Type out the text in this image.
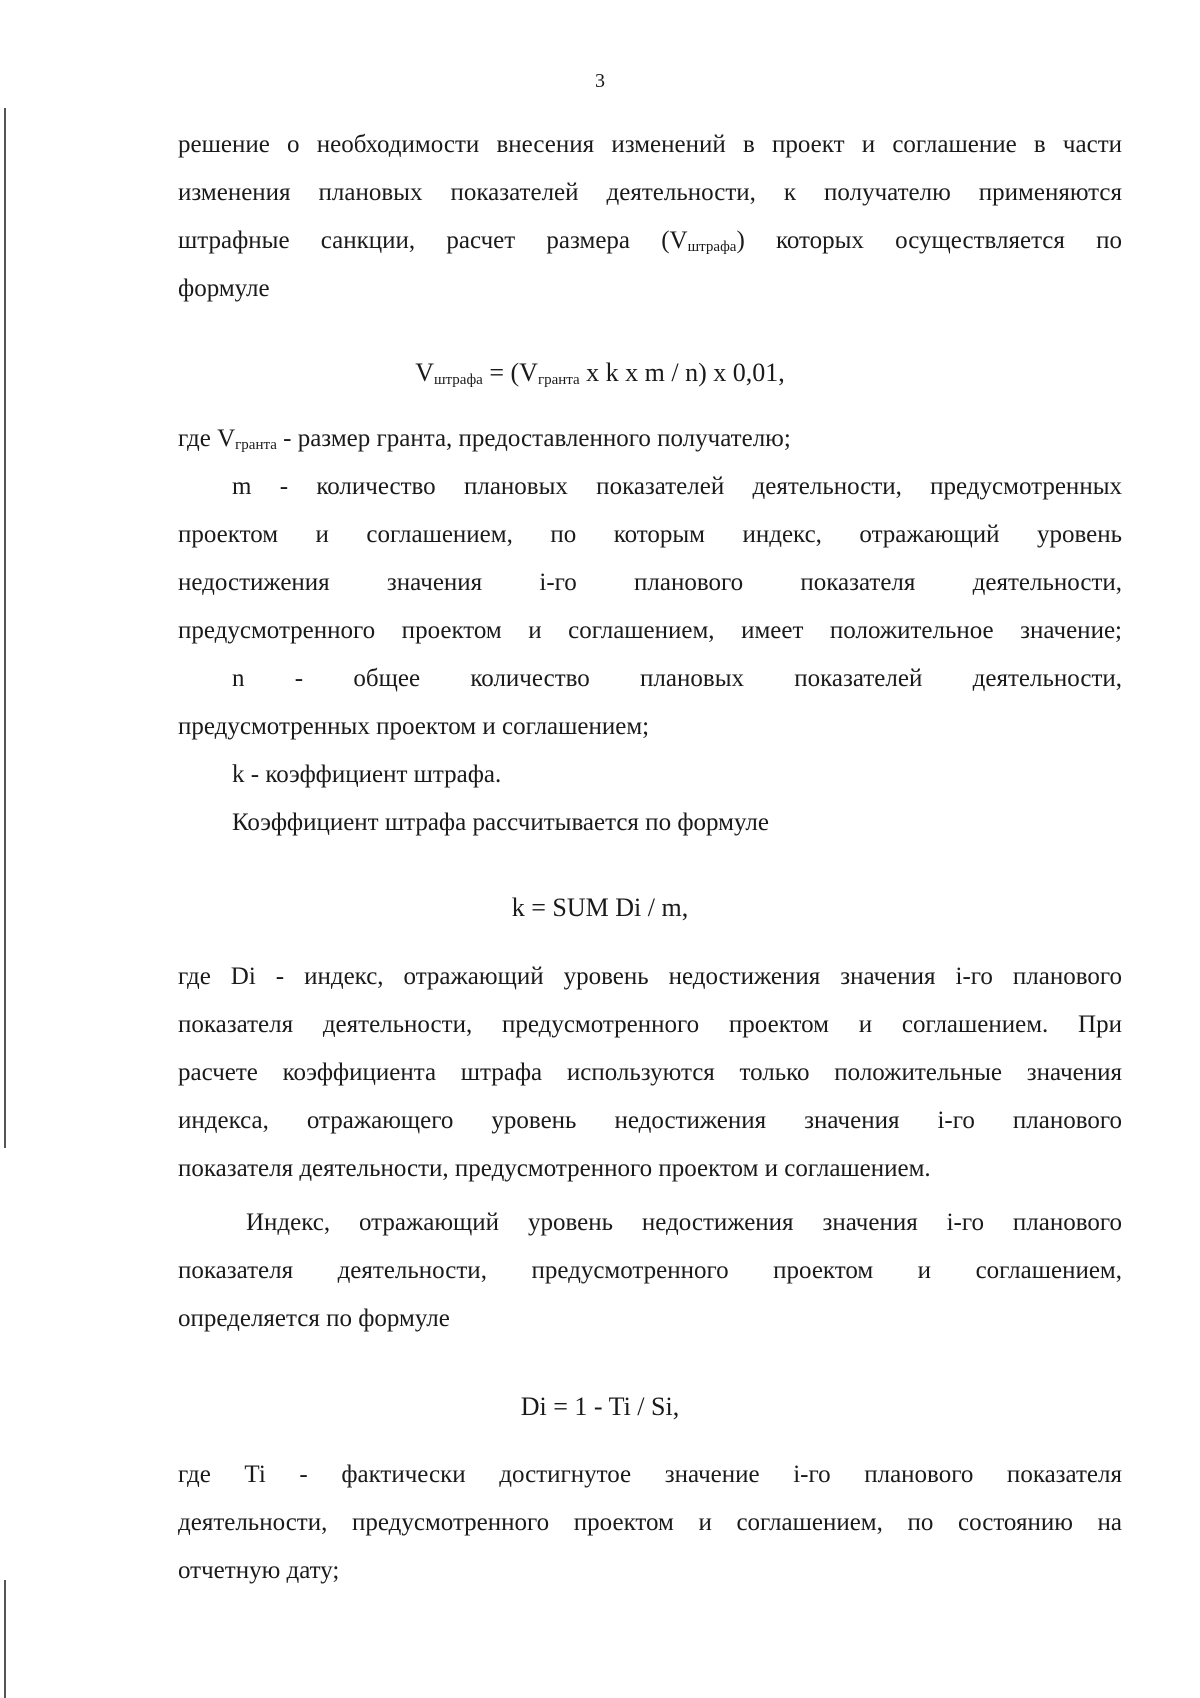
3
решение о необходимости внесения изменений в проект и соглашение в части
изменения плановых показателей деятельности, к получателю применяются
штрафные санкции, расчет размера $(V_{штрафа})$ которых осуществляется по
формуле
$V_{штрафа} = (V_{гранта}$ x k x m / n) x 0,01,
где $V_{гранта}$ - размер гранта, предоставленного получателю;
m - количество плановых показателей деятельности, предусмотренных
проектом и соглашением, по которым индекс, отражающий уровень
недостижения значения i-го планового показателя деятельности,
предусмотренного проектом и соглашением, имеет положительное значение;
n - общее количество плановых показателей деятельности,
предусмотренных проектом и соглашением;
k - коэффициент штрафа.
Коэффициент штрафа рассчитывается по формуле
k = SUM Di / m,
где Di - индекс, отражающий уровень недостижения значения i-го планового
показателя деятельности, предусмотренного проектом и соглашением. При
расчете коэффициента штрафа используются только положительные значения
индекса, отражающего уровень недостижения значения i-го планового
показателя деятельности, предусмотренного проектом и соглашением.
Индекс, отражающий уровень недостижения значения i-го планового
показателя деятельности, предусмотренного проектом и соглашением,
определяется по формуле
Di = 1 - Ti / Si,
где Ti - фактически достигнутое значение i-го планового показателя
деятельности, предусмотренного проектом и соглашением, по состоянию на
отчетную дату;
